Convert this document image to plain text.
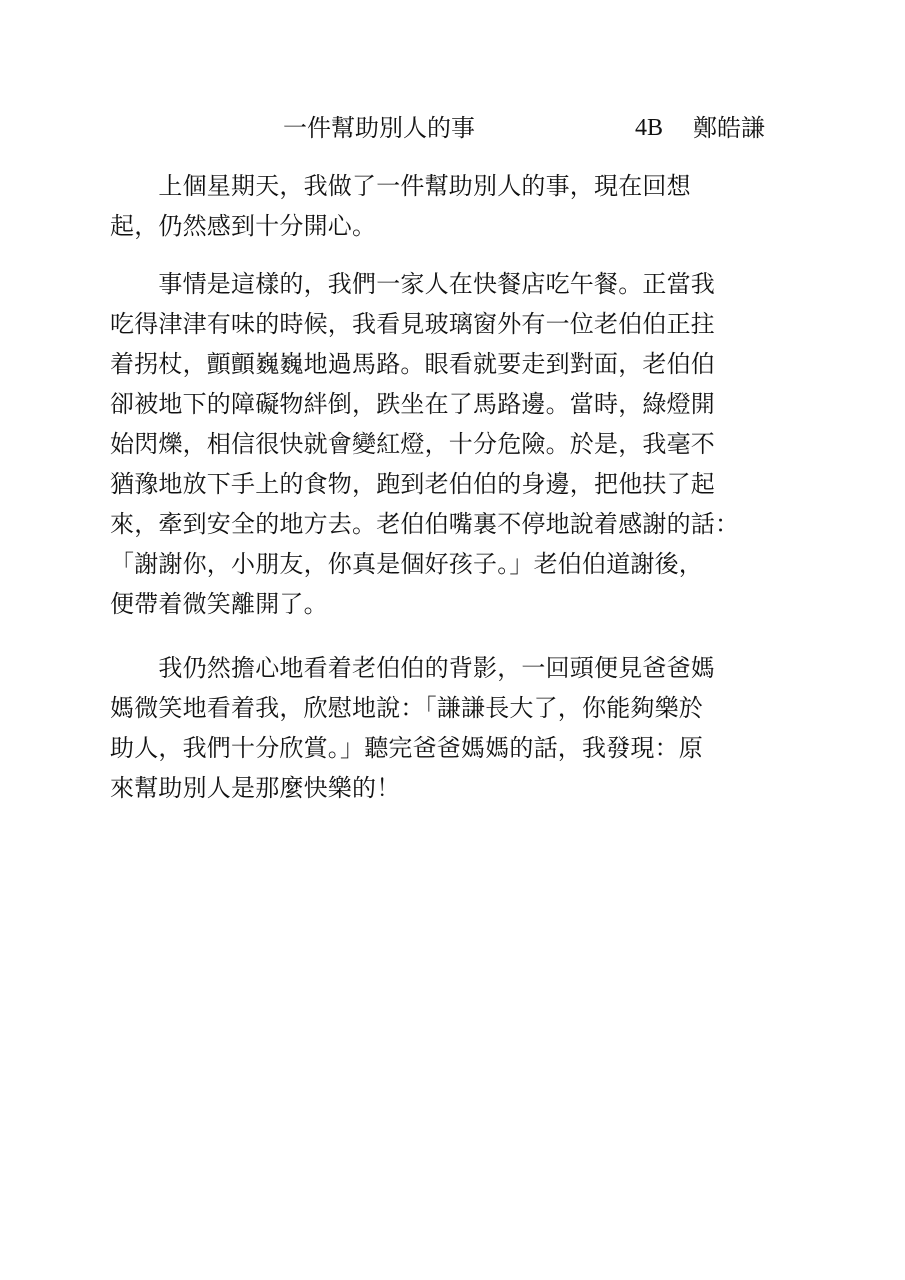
一件幫助別人的事	4B 鄭皓謙
　　上個星期天，我做了一件幫助別人的事，現在回想
起，仍然感到十分開心。
　　事情是這樣的，我們一家人在快餐店吃午餐。正當我
吃得津津有味的時候，我看見玻璃窗外有一位老伯伯正拄
着拐杖，顫顫巍巍地過馬路。眼看就要走到對面，老伯伯
卻被地下的障礙物絆倒，跌坐在了馬路邊。當時，綠燈開
始閃爍，相信很快就會變紅燈，十分危險。於是，我毫不
猶豫地放下手上的食物，跑到老伯伯的身邊，把他扶了起
來，牽到安全的地方去。老伯伯嘴裏不停地說着感謝的話：
「謝謝你，小朋友，你真是個好孩子。」老伯伯道謝後，
便帶着微笑離開了。
　　我仍然擔心地看着老伯伯的背影，一回頭便見爸爸媽
媽微笑地看着我，欣慰地說：「謙謙長大了，你能夠樂於
助人，我們十分欣賞。」聽完爸爸媽媽的話，我發現：原
來幫助別人是那麼快樂的！
